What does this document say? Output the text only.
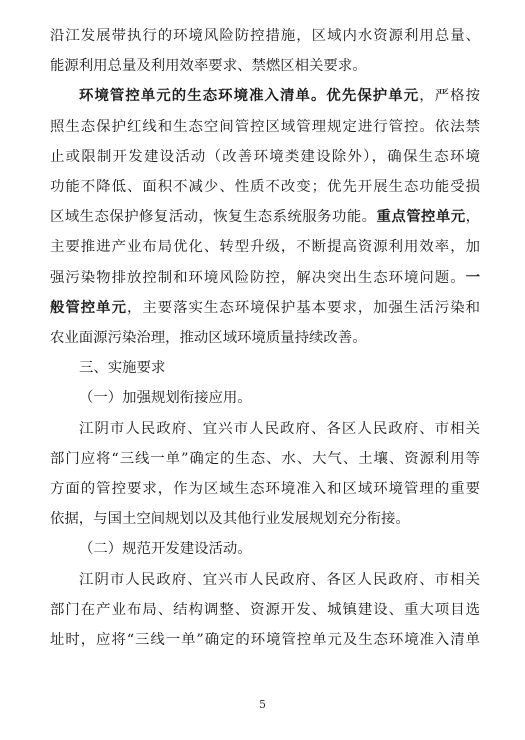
沿江发展带执行的环境风险防控措施，区域内水资源利用总量、
能源利用总量及利用效率要求、禁燃区相关要求。
环境管控单元的生态环境准入清单。优先保护单元，严格按
照生态保护红线和生态空间管控区域管理规定进行管控。依法禁
止或限制开发建设活动（改善环境类建设除外），确保生态环境
功能不降低、面积不减少、性质不改变；优先开展生态功能受损
区域生态保护修复活动，恢复生态系统服务功能。重点管控单元，
主要推进产业布局优化、转型升级，不断提高资源利用效率，加
强污染物排放控制和环境风险防控，解决突出生态环境问题。一
般管控单元，主要落实生态环境保护基本要求，加强生活污染和
农业面源污染治理，推动区域环境质量持续改善。
三、实施要求
（一）加强规划衔接应用。
江阴市人民政府、宜兴市人民政府、各区人民政府、市相关
部门应将“三线一单”确定的生态、水、大气、土壤、资源利用等
方面的管控要求，作为区域生态环境准入和区域环境管理的重要
依据，与国土空间规划以及其他行业发展规划充分衔接。
（二）规范开发建设活动。
江阴市人民政府、宜兴市人民政府、各区人民政府、市相关
部门在产业布局、结构调整、资源开发、城镇建设、重大项目选
址时，应将“三线一单”确定的环境管控单元及生态环境准入清单
5
